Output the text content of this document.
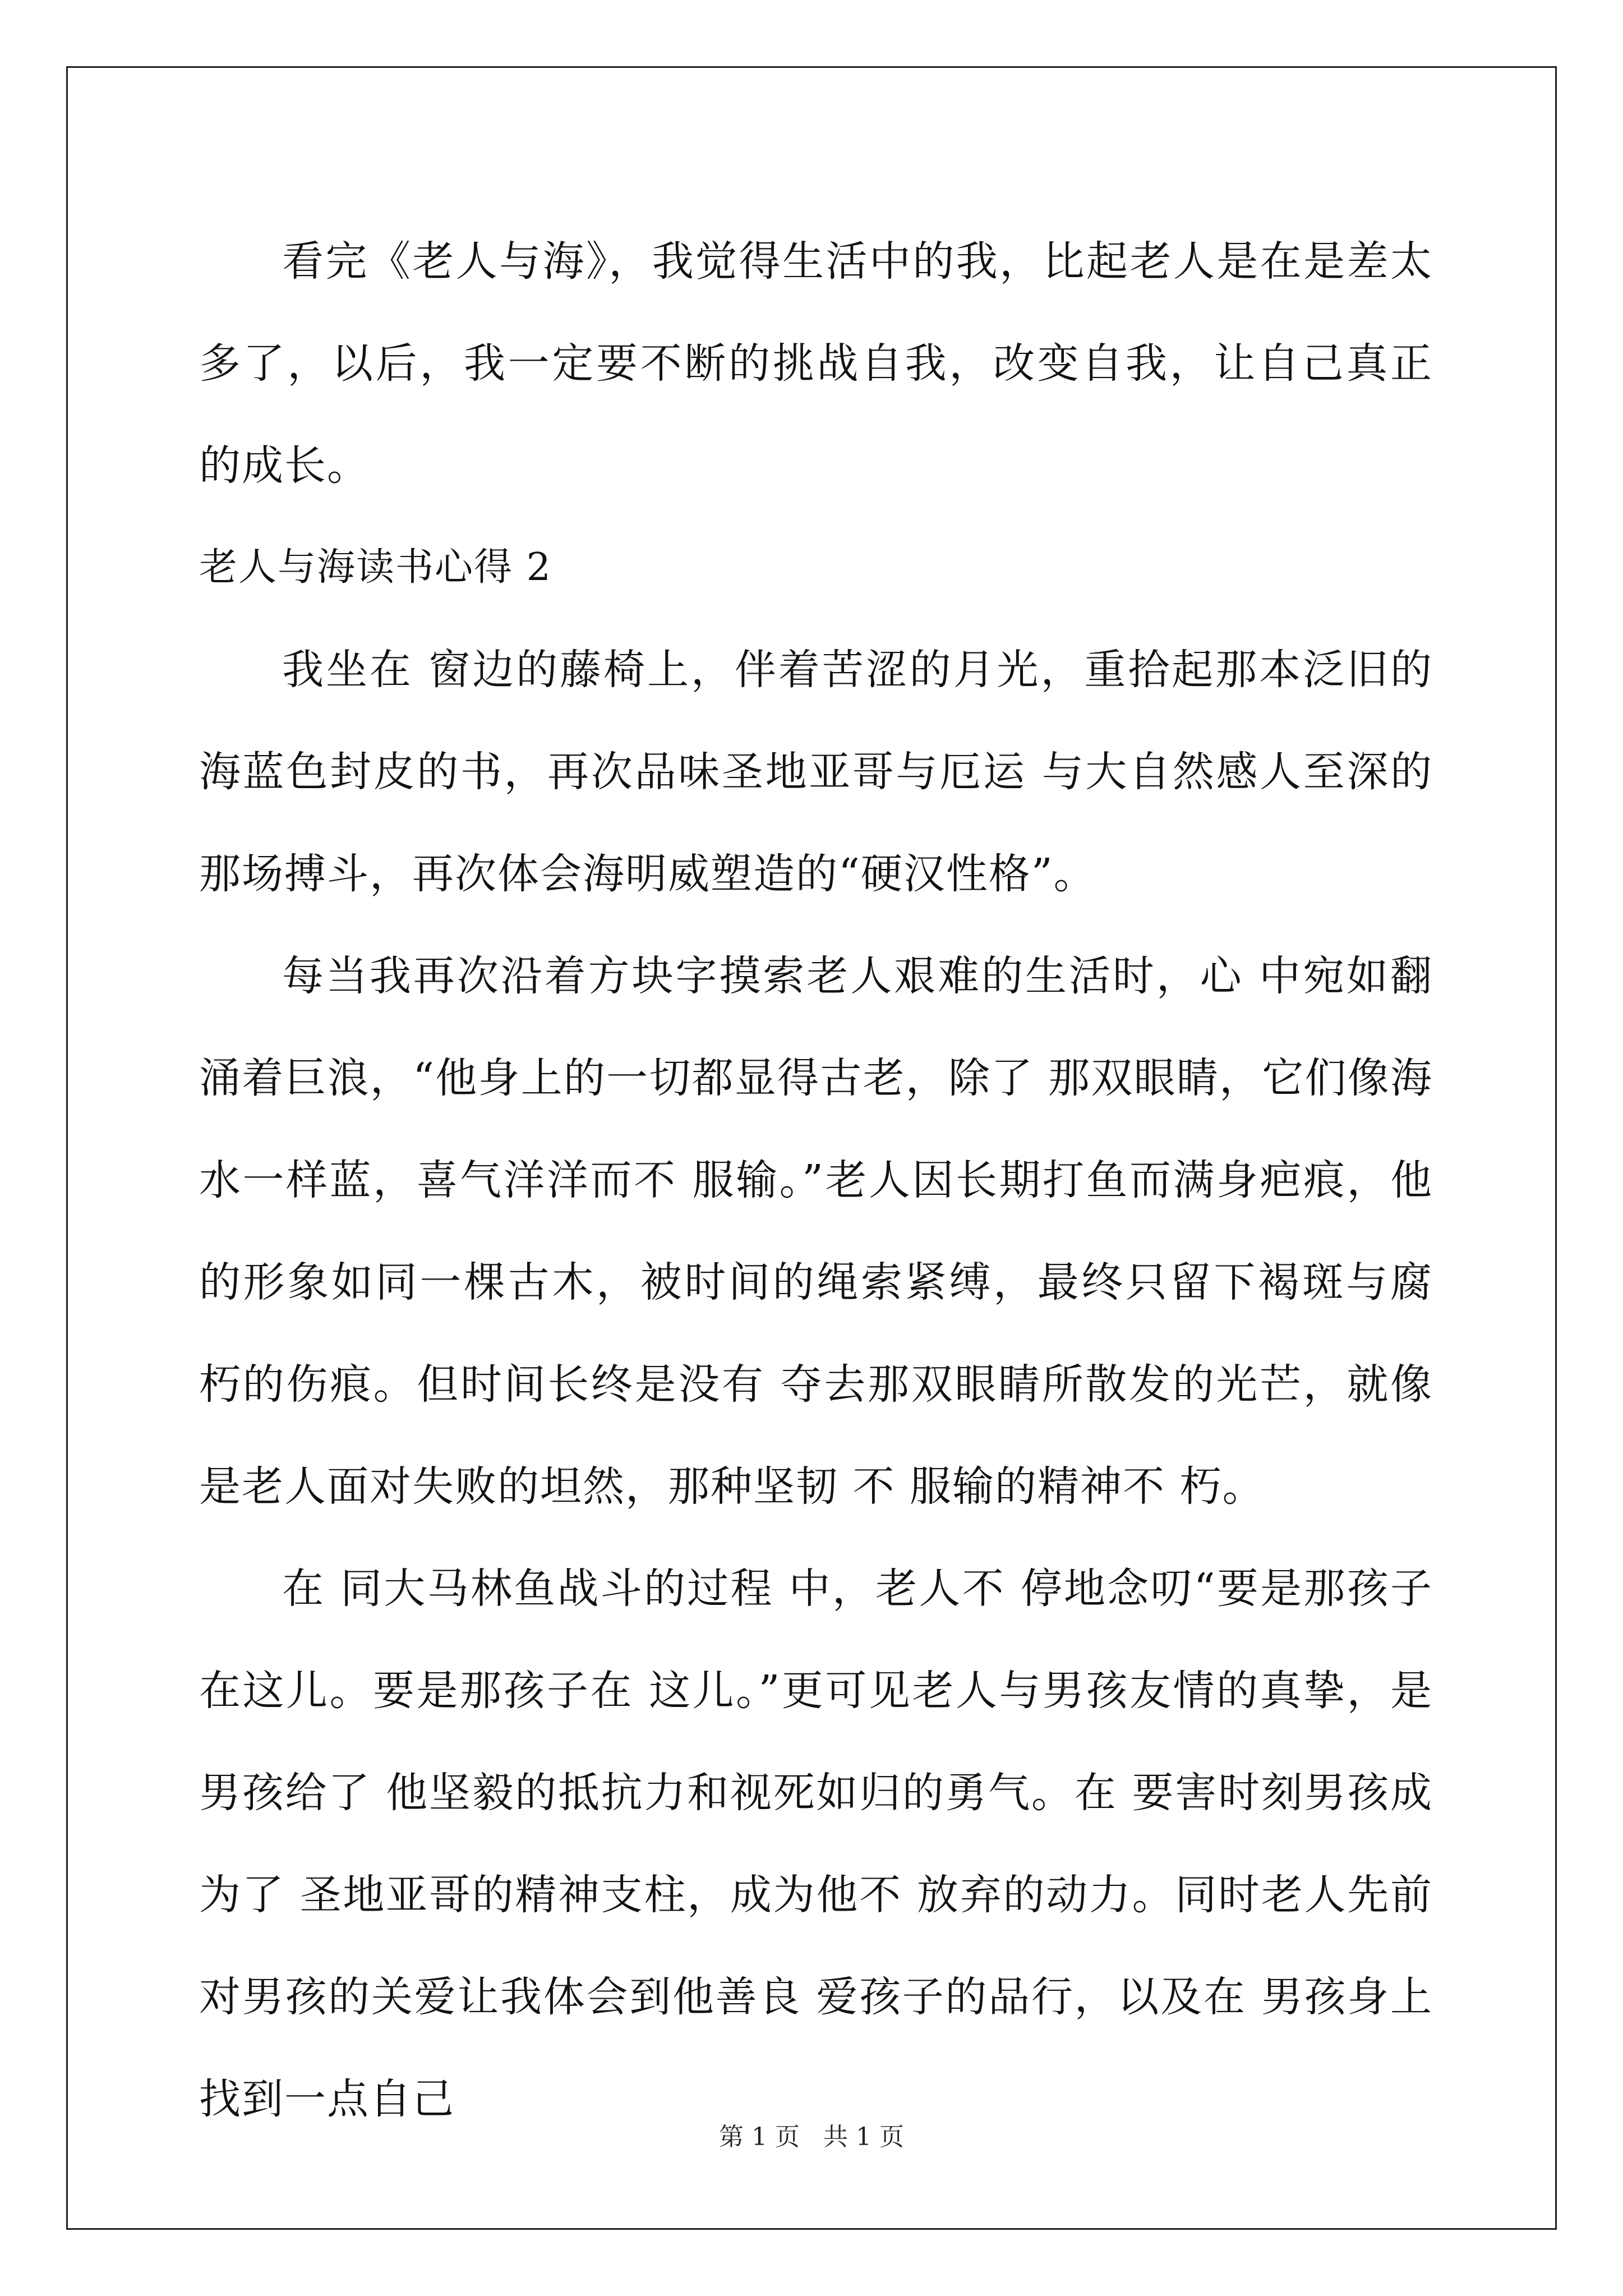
看完《老人与海》，我觉得生活中的我，比起老人是在是差太多了，以后，我一定要不断的挑战自我，改变自我，让自己真正的成长。

老人与海读书心得 2

我坐在 窗边的藤椅上，伴着苦涩的月光，重拾起那本泛旧的海蓝色封皮的书，再次品味圣地亚哥与厄运 与大自然感人至深的那场搏斗，再次体会海明威塑造的“硬汉性格”。

每当我再次沿着方块字摸索老人艰难的生活时，心 中宛如翻涌着巨浪，“他身上的一切都显得古老，除了 那双眼睛，它们像海水一样蓝，喜气洋洋而不 服输。”老人因长期打鱼而满身疤痕，他的形象如同一棵古木，被时间的绳索紧缚，最终只留下褐斑与腐朽的伤痕。但时间长终是没有 夺去那双眼睛所散发的光芒，就像是老人面对失败的坦然，那种坚韧 不 服输的精神不 朽。

在 同大马林鱼战斗的过程 中，老人不 停地念叨“要是那孩子在这儿。要是那孩子在 这儿。”更可见老人与男孩友情的真挚，是男孩给了 他坚毅的抵抗力和视死如归的勇气。在 要害时刻男孩成为了 圣地亚哥的精神支柱，成为他不 放弃的动力。同时老人先前对男孩的关爱让我体会到他善良 爱孩子的品行，以及在 男孩身上找到一点自己

第 1 页   共 1 页
